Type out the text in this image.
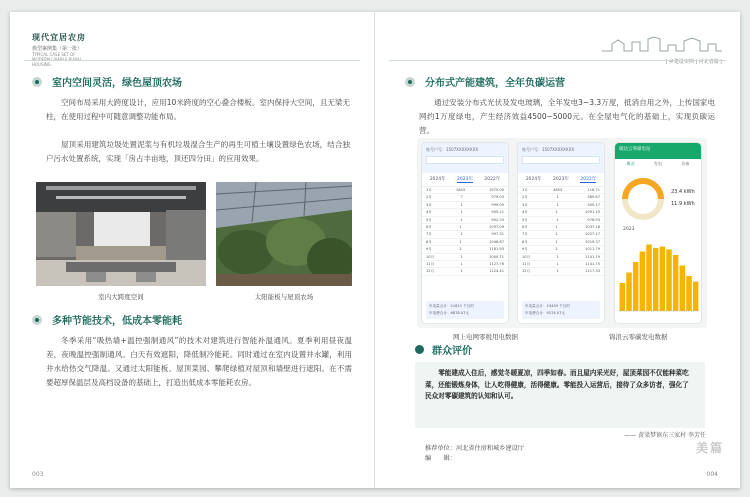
现代宜居农房
典型案例集（第一批）
TYPICAL CASE SET OF MODERN LIVABLE RURAL HOUSING
室内空间灵活，绿色屋顶农场
空间布局采用大跨度设计，应用10米跨度的空心叠合楼板。室内保持大空间，且无梁无柱，在使用过程中可随意调整功能布局。
屋顶采用建筑垃圾处置泥浆与有机垃圾湿合生产的再生可植土壤设置绿色农场，结合独户污水处置系统，实现「房占丰亩地，顶还四分田」的应用效果。
室内大跨度空间	太阳能板与屋顶农场
多种节能技术，低成本零能耗
冬季采用“吸热墙+温控强制通风”的技术对建筑进行智能补温通风。夏季利用昼夜温差，夜晚温控强制通风。白天有效遮阳，降低制冷能耗。同时通过在室内设置井水罐，利用井水给热交气降温。又通过太阳能板、屋顶菜园、攀爬绿植对屋顶和墙壁进行遮阳。在不需要超厚保温层及高档设备的基础上，打造出低成本零能耗农房。
003
| 乡建设实例 | 河北省篇 |
分布式产能建筑，全年负碳运营
通过安装分布式光伏及发电玻璃，全年发电3~3.3万度，抵消自用之外，上传国家电网约1万度绿电，产生经济效益4500~5000元。在全屋电气化的基础上，实现负碳运营。
账号户号：1507XXXXXXXX
2024年	2023年	2022年
1月	1843	1975.09
2月	7	979.03
3月	1	999.09
4月	1	905.11
5月	1	902.33
6月	1	1097.09
7月	1	997.31
8月	1	1046.87
9月	1	1181.93
10月	1	1000.71
11月	1	1127.76
12月	1	1124.41
年电量合计：21811 千瓦时
年电费合计：6878.07元
账号户号：1507XXXXXXXX
2024年	2023年	2022年
1月	4653	118.71
2月	1	369.87
3月	1	309.17
4月	1	1091.19
5月	1	976.93
6月	1	1037.18
7月	1	1027.17
8月	1	1019.37
9月	1	1011.79
10月	1	1141.19
11月	1	1141.75
12月	1	1217.33
年电量合计：23439 千瓦时
年电费合计：9274.07元
碳达云零碳电站
概况	发电	设备
23.4 kWh
11.9 kWh
2023
网上电网零税用电数据	锦浪云零碳发电数据
群众评价
零能建成入住后，感觉冬暖夏凉，四季如春。而且屋内采光好，屋顶菜园不仅能种菜吃菜，还能锻炼身体，让人吃得健康，活得健康。零能投入运营后，接待了众多访者，强化了民众对零碳建筑的认知和认可。
—— 黄梁梦镇东三家村 李芳任
推荐单位：河北省住房和城乡建设厅
编　　辑：
美篇
004
